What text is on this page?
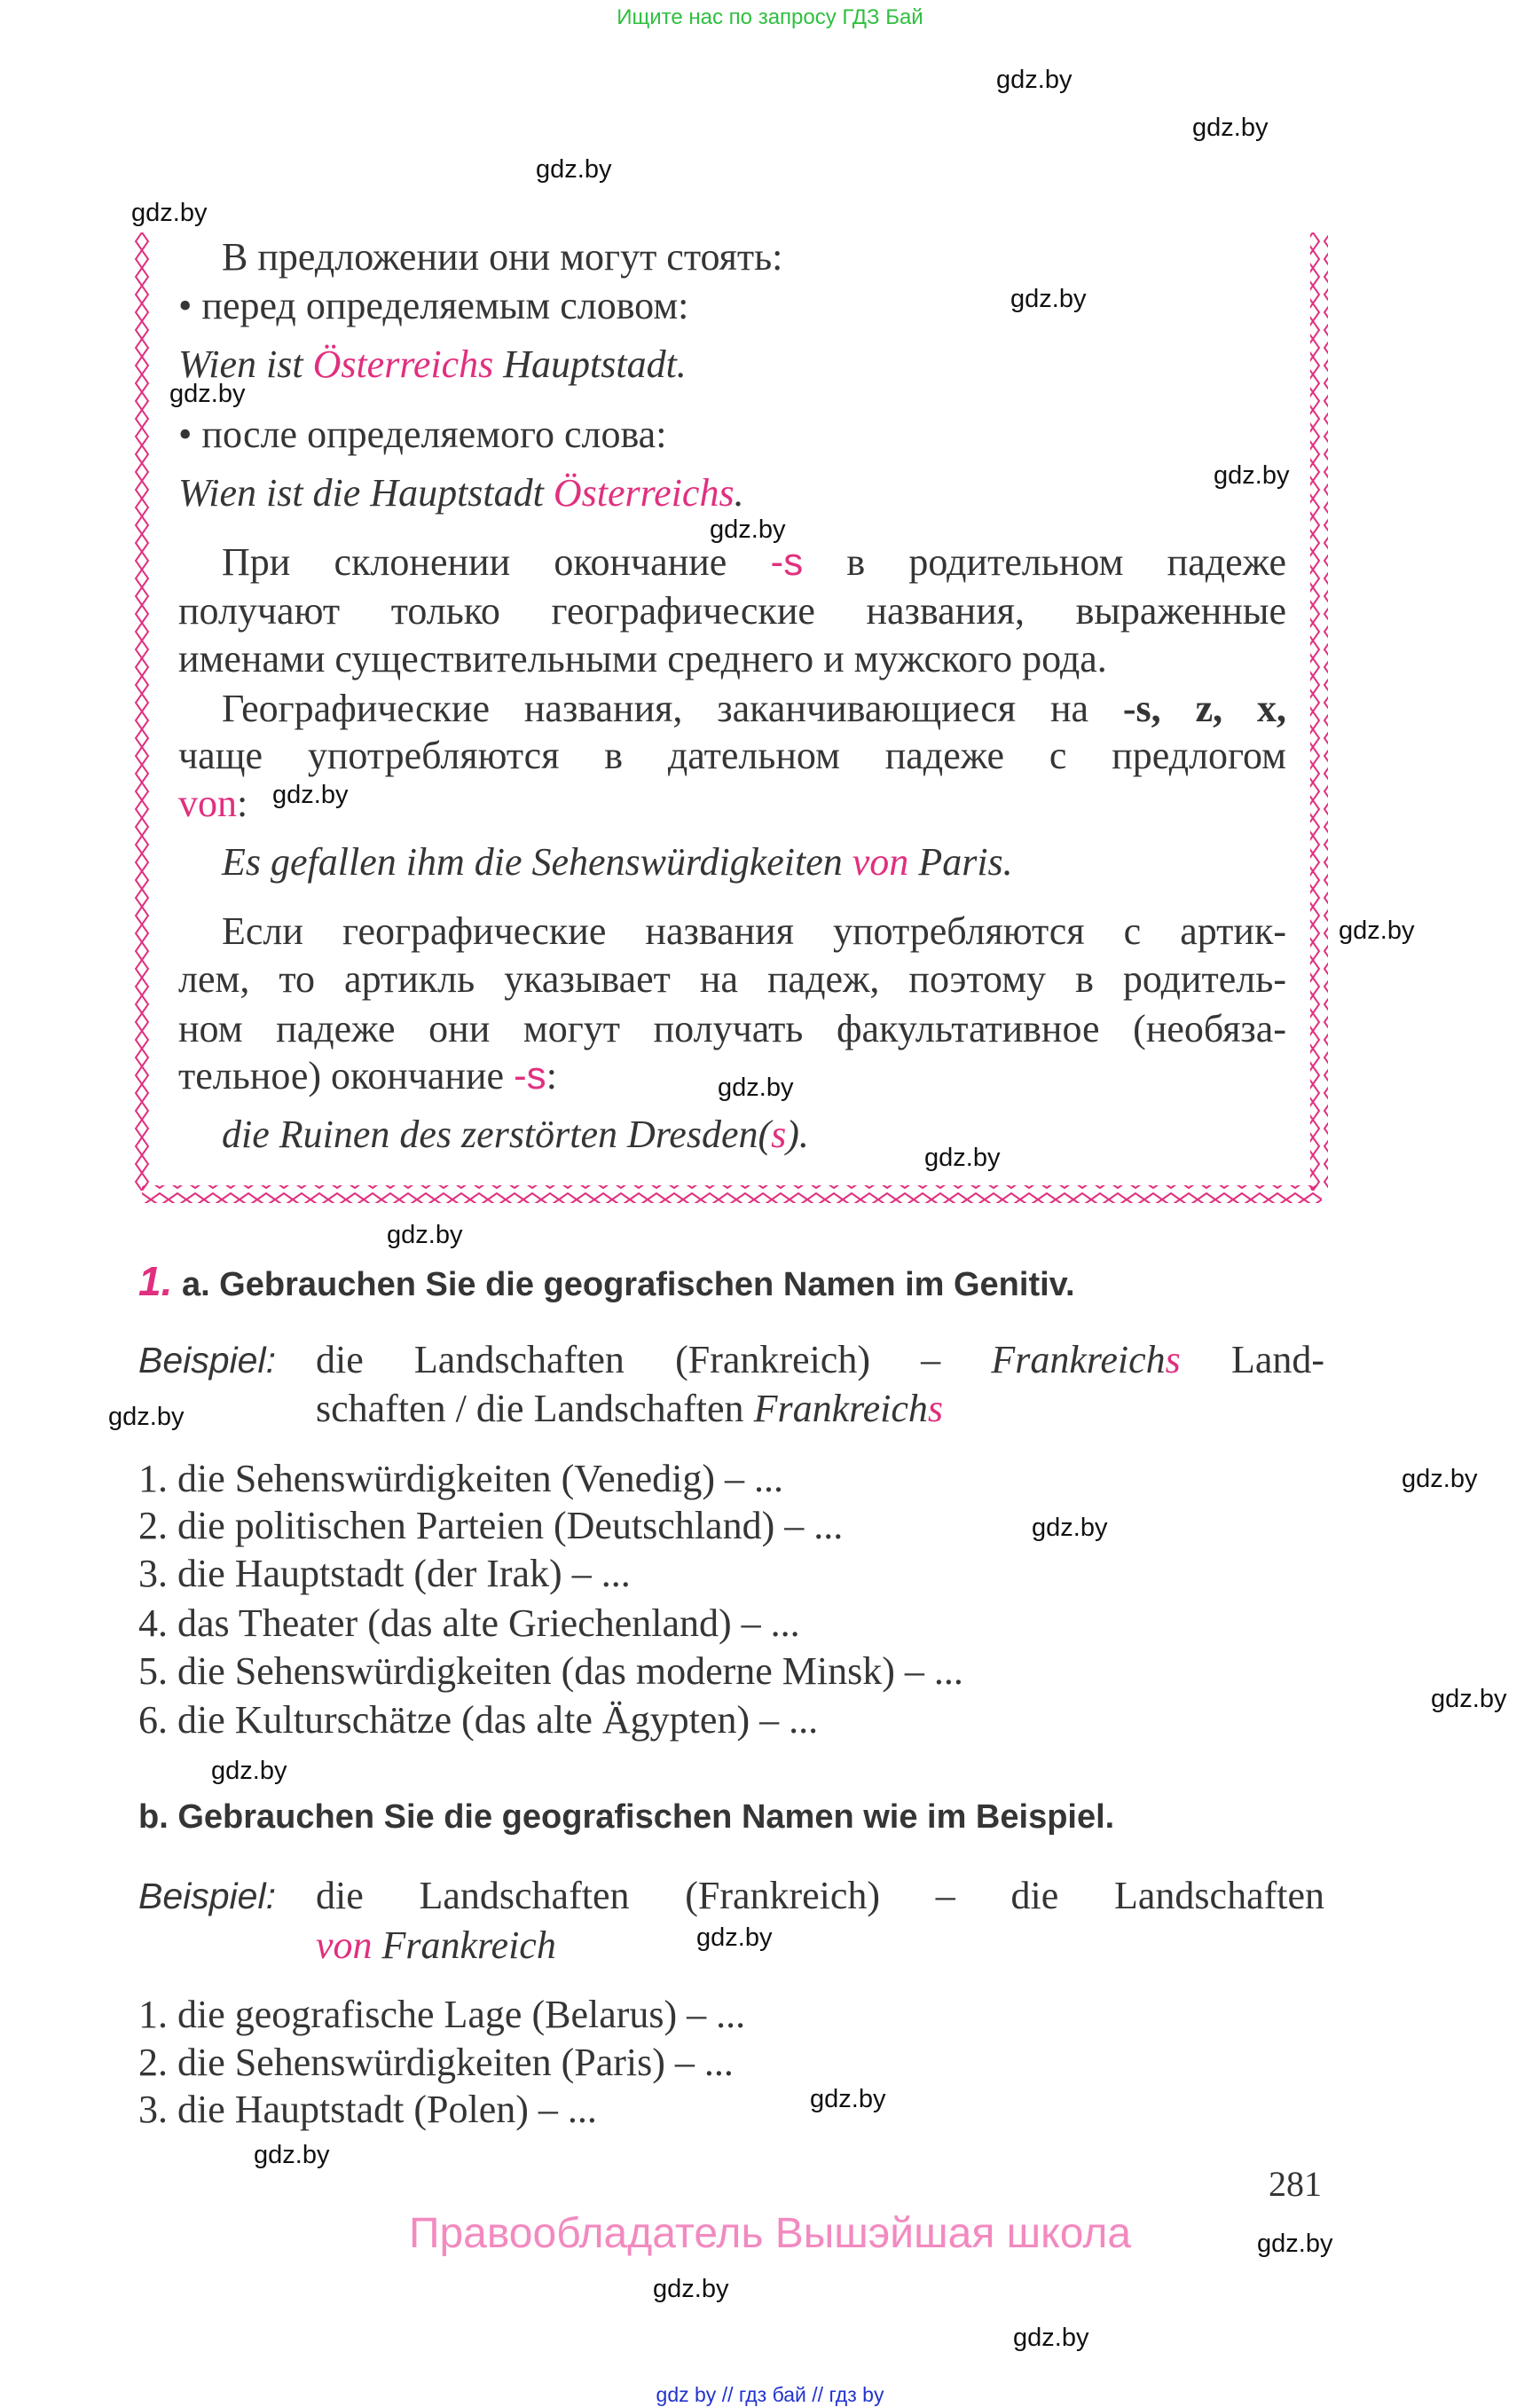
Ищите нас по запросу ГДЗ Бай
В предложении они могут стоять:
• перед определяемым словом:
Wien ist Österreichs Hauptstadt.
• после определяемого слова:
Wien ist die Hauptstadt Österreichs.
При склонении окончание -s в родительном падеже
получают только географические названия, выраженные
именами существительными среднего и мужского рода.
Географические названия, заканчивающиеся на -s, z, x,
чаще употребляются в дательном падеже с предлогом
von:
Es gefallen ihm die Sehenswürdigkeiten von Paris.
Если географические названия употребляются с артик-
лем, то артикль указывает на падеж, поэтому в родитель-
ном падеже они могут получать факультативное (необяза-
тельное) окончание -s:
die Ruinen des zerstörten Dresden(s).
1. a. Gebrauchen Sie die geografischen Namen im Genitiv.
Beispiel: die Landschaften (Frankreich) – Frankreichs Land-
schaften / die Landschaften Frankreichs
1. die Sehenswürdigkeiten (Venedig) – ...
2. die politischen Parteien (Deutschland) – ...
3. die Hauptstadt (der Irak) – ...
4. das Theater (das alte Griechenland) – ...
5. die Sehenswürdigkeiten (das moderne Minsk) – ...
6. die Kulturschätze (das alte Ägypten) – ...
b. Gebrauchen Sie die geografischen Namen wie im Beispiel.
Beispiel: die Landschaften (Frankreich) – die Landschaften
von Frankreich
1. die geografische Lage (Belarus) – ...
2. die Sehenswürdigkeiten (Paris) – ...
3. die Hauptstadt (Polen) – ...
281
Правообладатель Вышэйшая школа
gdz.by
gdz.by
gdz.by
gdz.by
gdz.by
gdz.by
gdz.by
gdz.by
gdz.by
gdz.by
gdz.by
gdz.by
gdz.by
gdz.by
gdz.by
gdz.by
gdz.by
gdz.by
gdz.by
gdz.by
gdz.by
gdz.by
gdz.by
gdz.by
gdz by // гдз бай // гдз by
